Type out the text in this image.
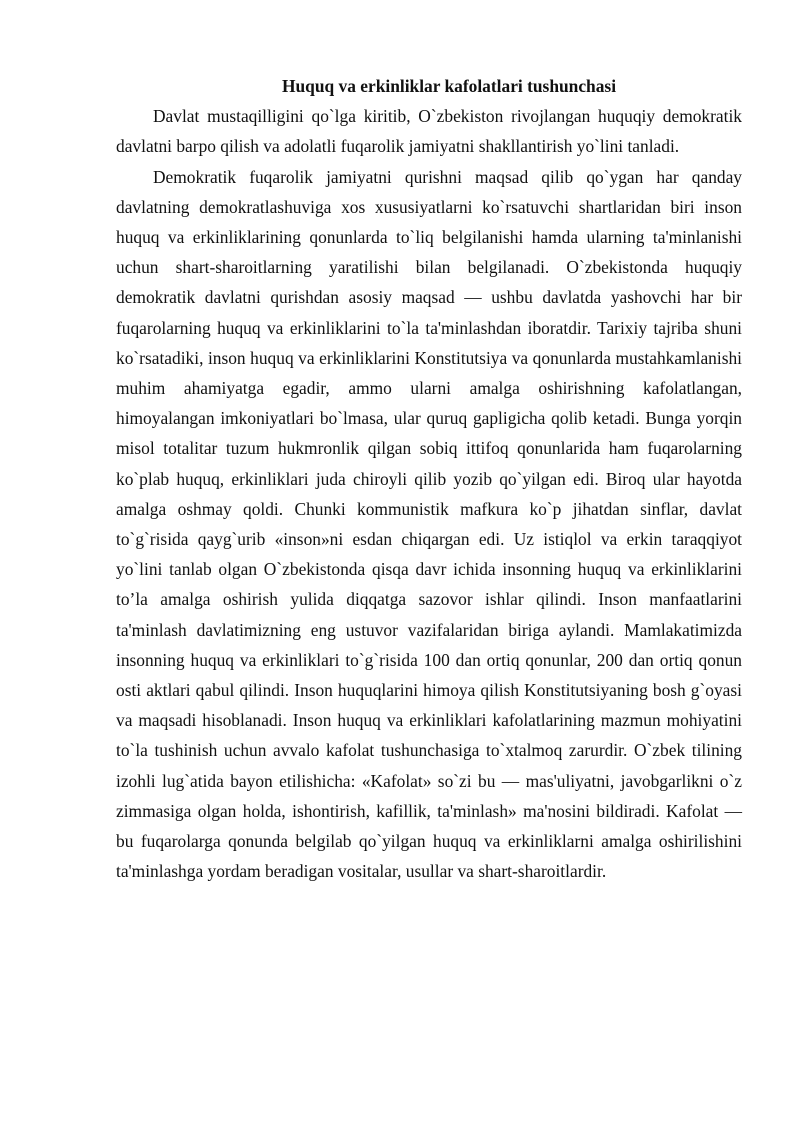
Huquq va erkinliklar kafolatlari tushunchasi

Davlat mustaqilligini qo`lga kiritib, O`zbekiston rivojlangan huquqiy demokratik davlatni barpo qilish va adolatli fuqarolik jamiyatni shakllantirish yo`lini tanladi.

Demokratik fuqarolik jamiyatni qurishni maqsad qilib qo`ygan har qanday davlatning demokratlashuviga xos xususiyatlarni ko`rsatuvchi shartlaridan biri inson huquq va erkinliklarining qonunlarda to`liq belgilanishi hamda ularning ta'minlanishi uchun shart-sharoitlarning yaratilishi bilan belgilanadi. O`zbekistonda huquqiy demokratik davlatni qurishdan asosiy maqsad — ushbu davlatda yashovchi har bir fuqarolarning huquq va erkinliklarini to`la ta'minlashdan iboratdir. Tarixiy tajriba shuni ko`rsatadiki, inson huquq va erkinliklarini Konstitutsiya va qonunlarda mustahkamlanishi muhim ahamiyatga egadir, ammo ularni amalga oshirishning kafolatlangan, himoyalangan imkoniyatlari bo`lmasa, ular quruq gapligicha qolib ketadi. Bunga yorqin misol totalitar tuzum hukmronlik qilgan sobiq ittifoq qonunlarida ham fuqarolarning ko`plab huquq, erkinliklari juda chiroyli qilib yozib qo`yilgan edi. Biroq ular hayotda amalga oshmay qoldi. Chunki kommunistik mafkura ko`p jihatdan sinflar, davlat to`g`risida qayg`urib «inson»ni esdan chiqargan edi. Uz istiqlol va erkin taraqqiyot yo`lini tanlab olgan O`zbekistonda qisqa davr ichida insonning huquq va erkinliklarini to’la amalga oshirish yulida diqqatga sazovor ishlar qilindi. Inson manfaatlarini ta'minlash davlatimizning eng ustuvor vazifalaridan biriga aylandi. Mamlakatimizda insonning huquq va erkinliklari to`g`risida 100 dan ortiq qonunlar, 200 dan ortiq qonun osti aktlari qabul qilindi. Inson huquqlarini himoya qilish Konstitutsiyaning bosh g`oyasi va maqsadi hisoblanadi. Inson huquq va erkinliklari kafolatlarining mazmun mohiyatini to`la tushinish uchun avvalo kafolat tushunchasiga to`xtalmoq zarurdir. O`zbek tilining izohli lug`atida bayon etilishicha: «Kafolat» so`zi bu — mas'uliyatni, javobgarlikni o`z zimmasiga olgan holda, ishontirish, kafillik, ta'minlash» ma'nosini bildiradi. Kafolat — bu fuqarolarga qonunda belgilab qo`yilgan huquq va erkinliklarni amalga oshirilishini ta'minlashga yordam beradigan vositalar, usullar va shart-sharoitlardir.
